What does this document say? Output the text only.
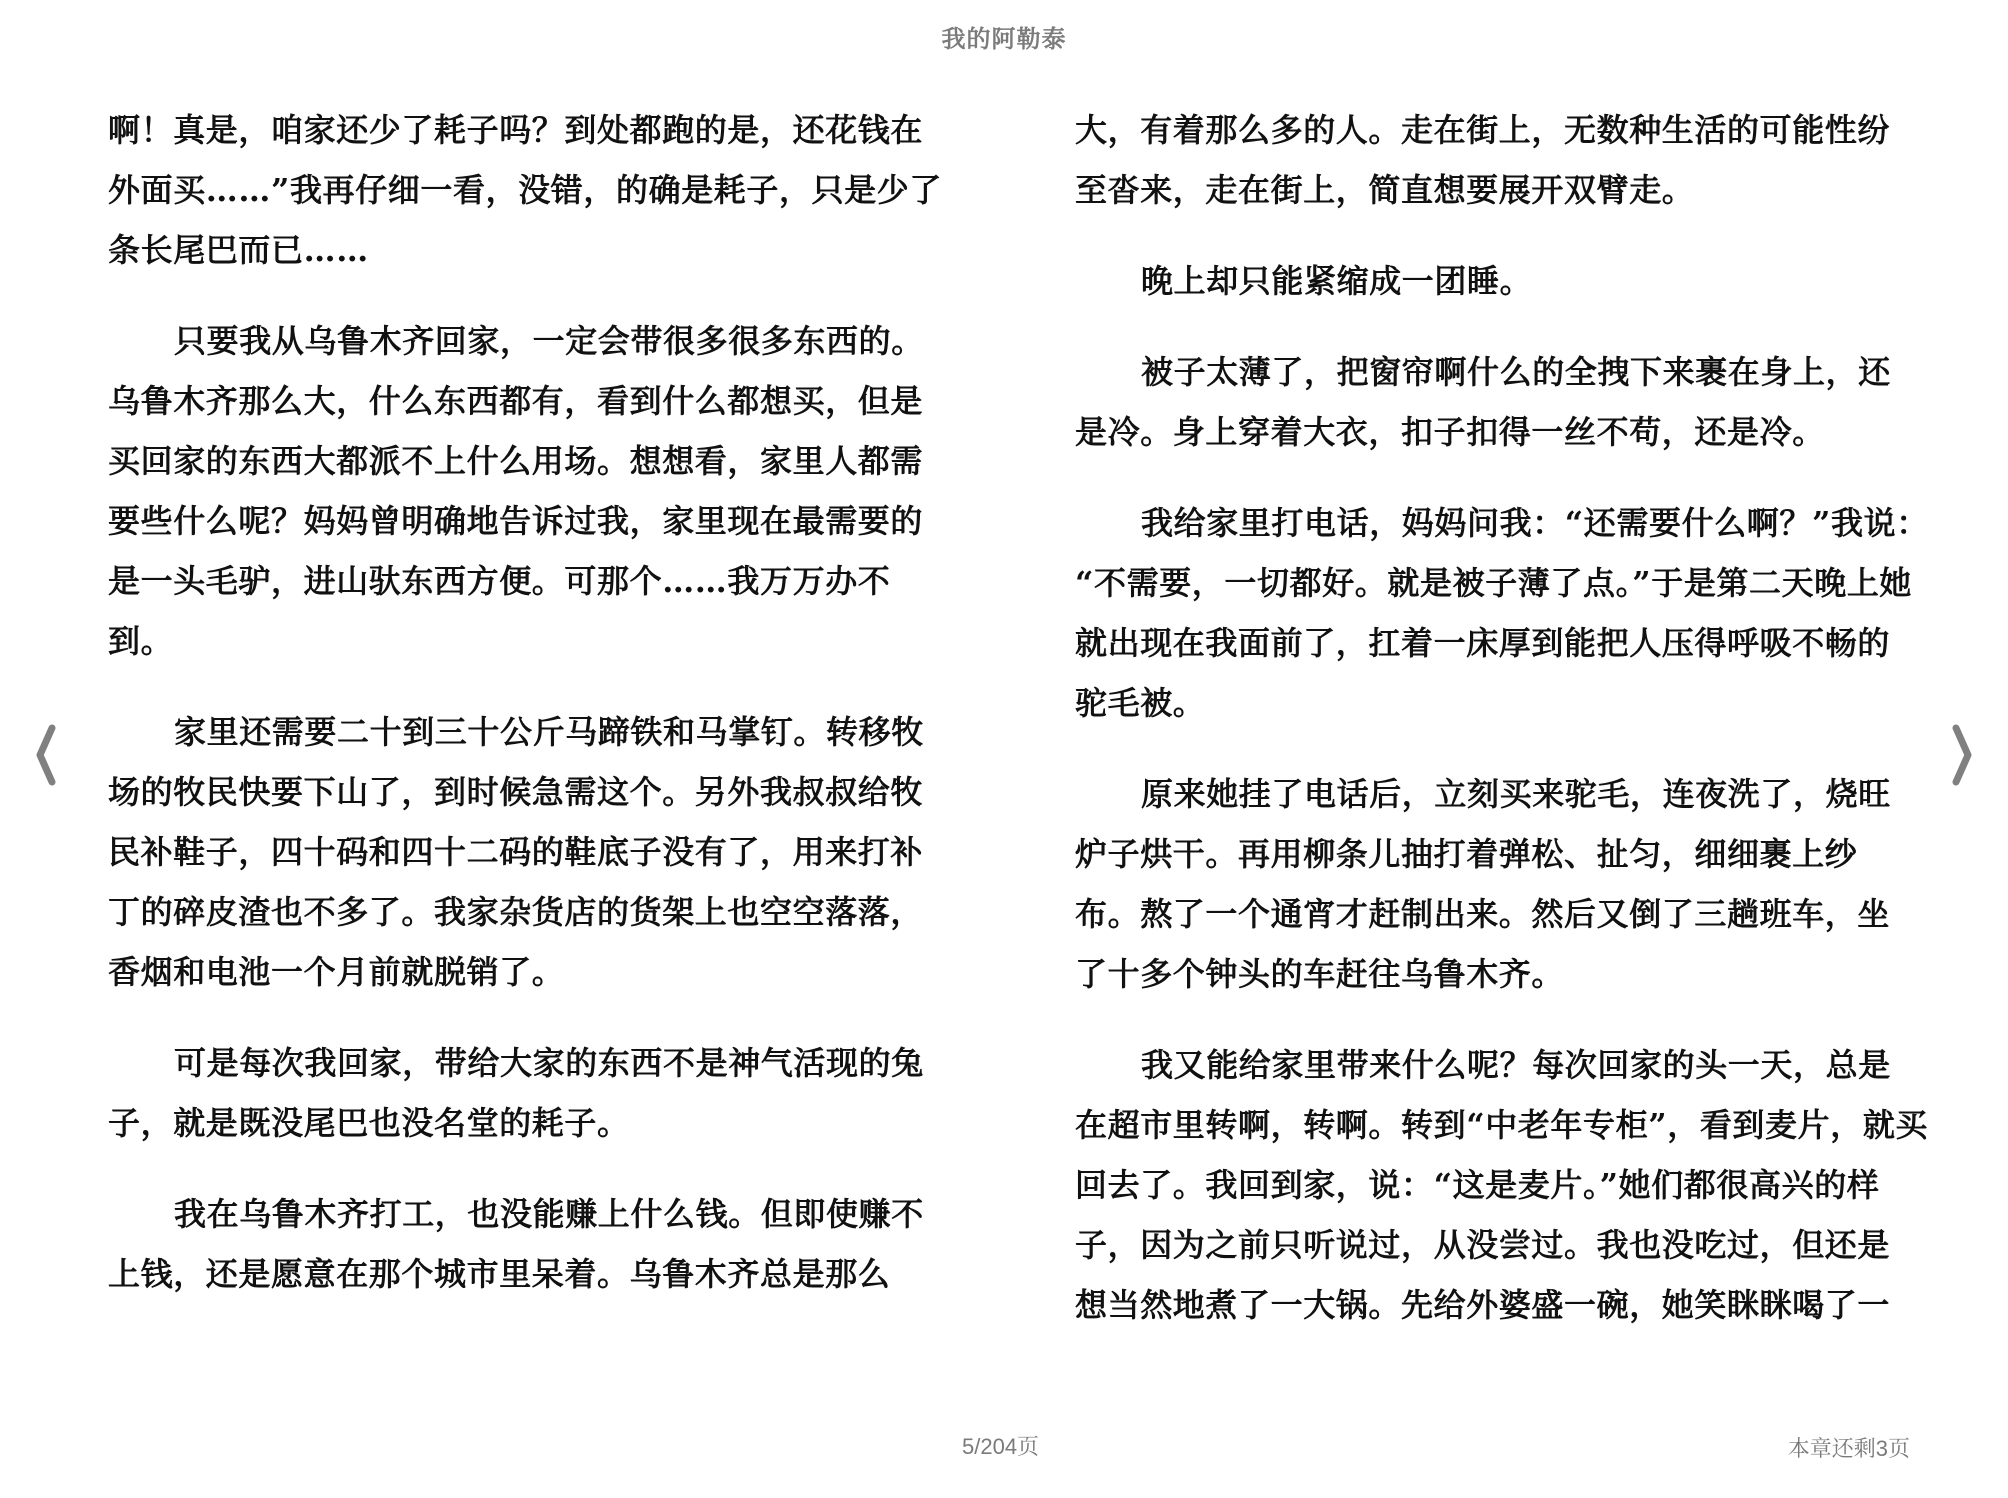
我的阿勒泰
啊！真是，咱家还少了耗子吗？到处都跑的是，还花钱在
外面买……”我再仔细一看，没错，的确是耗子，只是少了
条长尾巴而已……
只要我从乌鲁木齐回家，一定会带很多很多东西的。
乌鲁木齐那么大，什么东西都有，看到什么都想买，但是
买回家的东西大都派不上什么用场。想想看，家里人都需
要些什么呢？妈妈曾明确地告诉过我，家里现在最需要的
是一头毛驴，进山驮东西方便。可那个……我万万办不
到。
家里还需要二十到三十公斤马蹄铁和马掌钉。转移牧
场的牧民快要下山了，到时候急需这个。另外我叔叔给牧
民补鞋子，四十码和四十二码的鞋底子没有了，用来打补
丁的碎皮渣也不多了。我家杂货店的货架上也空空落落，
香烟和电池一个月前就脱销了。
可是每次我回家，带给大家的东西不是神气活现的兔
子，就是既没尾巴也没名堂的耗子。
我在乌鲁木齐打工，也没能赚上什么钱。但即使赚不
上钱，还是愿意在那个城市里呆着。乌鲁木齐总是那么
大，有着那么多的人。走在街上，无数种生活的可能性纷
至沓来，走在街上，简直想要展开双臂走。
晚上却只能紧缩成一团睡。
被子太薄了，把窗帘啊什么的全拽下来裹在身上，还
是冷。身上穿着大衣，扣子扣得一丝不苟，还是冷。
我给家里打电话，妈妈问我：“还需要什么啊？”我说：
“不需要，一切都好。就是被子薄了点。”于是第二天晚上她
就出现在我面前了，扛着一床厚到能把人压得呼吸不畅的
驼毛被。
原来她挂了电话后，立刻买来驼毛，连夜洗了，烧旺
炉子烘干。再用柳条儿抽打着弹松、扯匀，细细裹上纱
布。熬了一个通宵才赶制出来。然后又倒了三趟班车，坐
了十多个钟头的车赶往乌鲁木齐。
我又能给家里带来什么呢？每次回家的头一天，总是
在超市里转啊，转啊。转到“中老年专柜”，看到麦片，就买
回去了。我回到家，说：“这是麦片。”她们都很高兴的样
子，因为之前只听说过，从没尝过。我也没吃过，但还是
想当然地煮了一大锅。先给外婆盛一碗，她笑眯眯喝了一
5/204页	本章还剩3页
